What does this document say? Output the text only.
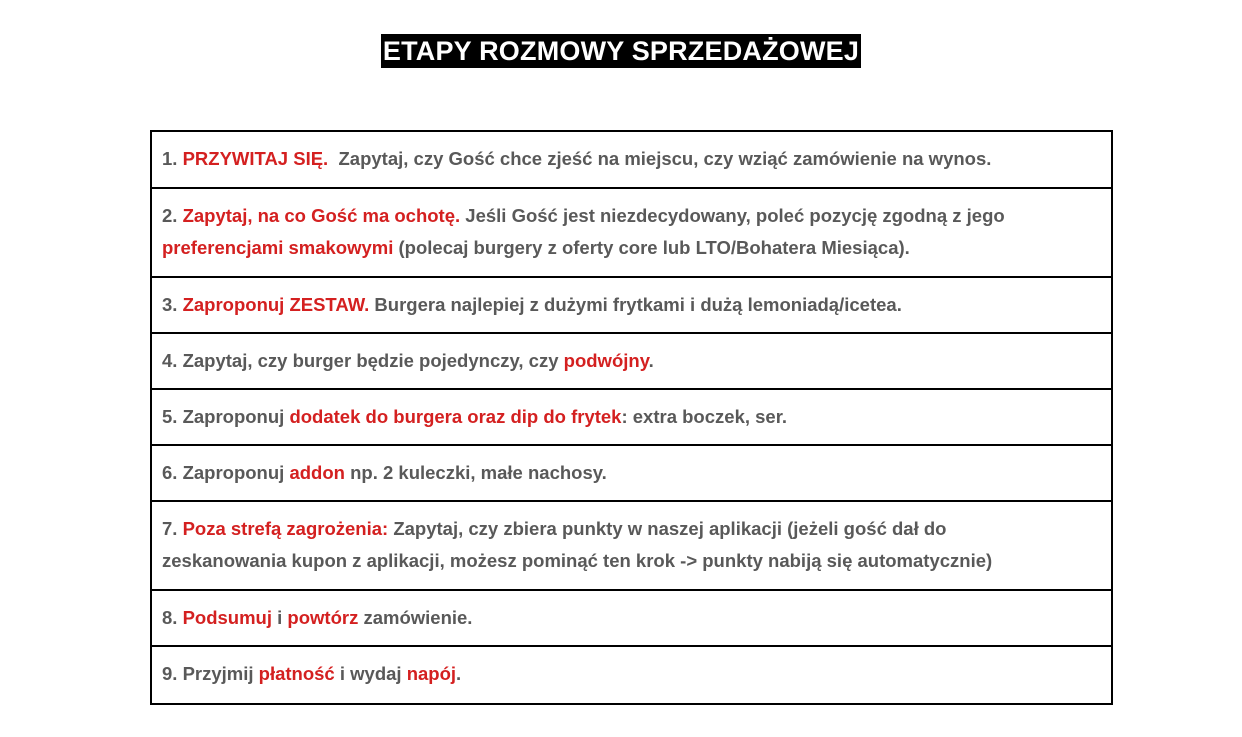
ETAPY ROZMOWY SPRZEDAŻOWEJ
1. PRZYWITAJ SIĘ.  Zapytaj, czy Gość chce zjeść na miejscu, czy wziąć zamówienie na wynos.
2. Zapytaj, na co Gość ma ochotę. Jeśli Gość jest niezdecydowany, poleć pozycję zgodną z jego
preferencjami smakowymi (polecaj burgery z oferty core lub LTO/Bohatera Miesiąca).
3. Zaproponuj ZESTAW. Burgera najlepiej z dużymi frytkami i dużą lemoniadą/icetea.
4. Zapytaj, czy burger będzie pojedynczy, czy podwójny.
5. Zaproponuj dodatek do burgera oraz dip do frytek: extra boczek, ser.
6. Zaproponuj addon np. 2 kuleczki, małe nachosy.
7. Poza strefą zagrożenia: Zapytaj, czy zbiera punkty w naszej aplikacji (jeżeli gość dał do
zeskanowania kupon z aplikacji, możesz pominąć ten krok -> punkty nabiją się automatycznie)
8. Podsumuj i powtórz zamówienie.
9. Przyjmij płatność i wydaj napój.
